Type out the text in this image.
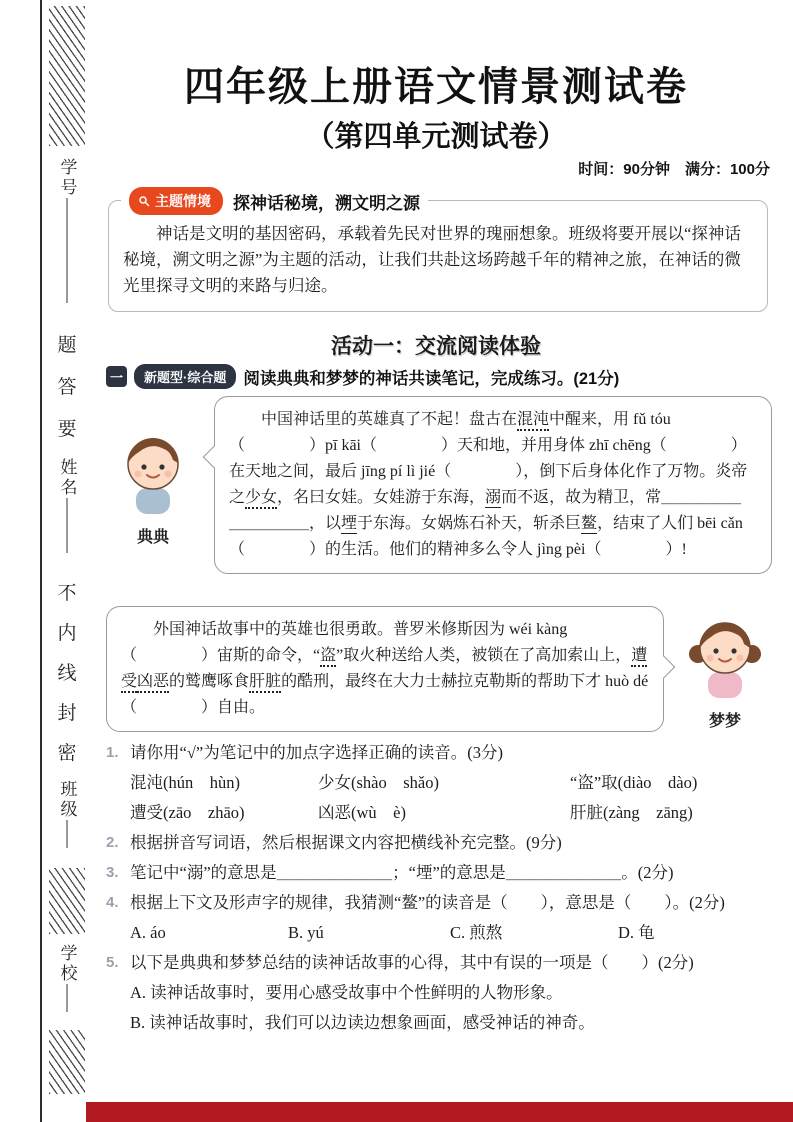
学号
题
答
要
姓名
不
内
线
封
密
班级
学校
四年级上册语文情景测试卷
（第四单元测试卷）
时间：90分钟　满分：100分
主题情境 探神话秘境，溯文明之源

神话是文明的基因密码，承载着先民对世界的瑰丽想象。班级将要开展以“探神话秘境，溯文明之源”为主题的活动，让我们共赴这场跨越千年的精神之旅，在神话的微光里探寻文明的来路与归途。

活动一：交流阅读体验
一	新题型·综合题	阅读典典和梦梦的神话共读笔记，完成练习。(21分)
典典
中国神话里的英雄真了不起！盘古在混沌中醒来，用 fǔ tóu（　　　　）pī kāi（　　　　）天和地，并用身体 zhī chēng（　　　　）在天地之间，最后 jīng pí lì jié（　　　　），倒下后身体化作了万物。炎帝之少女，名曰女娃。女娃游于东海，溺而不返，故为精卫，常＿＿＿＿＿＿＿＿＿＿，以堙于东海。女娲炼石补天，斩杀巨鳌，结束了人们 bēi cǎn（　　　　）的生活。他们的精神多么令人 jìng pèi（　　　　）!
外国神话故事中的英雄也很勇敢。普罗米修斯因为 wéi kàng（　　　　）宙斯的命令，“盗”取火种送给人类，被锁在了高加索山上，遭受凶恶的鹫鹰啄食肝脏的酷刑，最终在大力士赫拉克勒斯的帮助下才 huò dé（　　　　）自由。
梦梦
1. 请你用“√”为笔记中的加点字选择正确的读音。(3分)
混沌(hún　hùn)	少女(shào　shǎo)	“盗”取(diào　dào)
遭受(zāo　zhāo)	凶恶(wù　è)	肝脏(zàng　zāng)
2. 根据拼音写词语，然后根据课文内容把横线补充完整。(9分)
3. 笔记中“溺”的意思是＿＿＿＿＿＿＿；“堙”的意思是＿＿＿＿＿＿＿。(2分)
4. 根据上下文及形声字的规律，我猜测“鳌”的读音是（　　），意思是（　　）。(2分)
A. áo	B. yú	C. 煎熬	D. 龟
5. 以下是典典和梦梦总结的读神话故事的心得，其中有误的一项是（　　）(2分)
A. 读神话故事时，要用心感受故事中个性鲜明的人物形象。
B. 读神话故事时，我们可以边读边想象画面，感受神话的神奇。
